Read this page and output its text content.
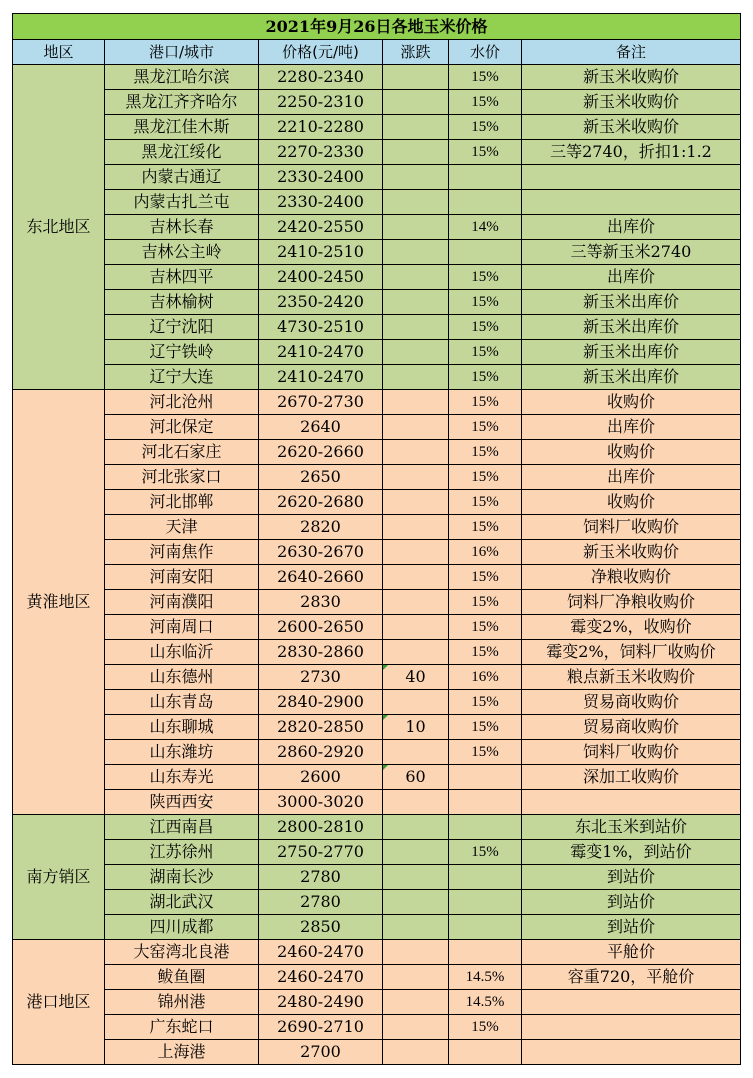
2021年9月26日各地玉米价格					
地区	港口/城市	价格(元/吨)	涨跌	水价	备注
东北地区	黑龙江哈尔滨	2280-2340		15%	新玉米收购价
	黑龙江齐齐哈尔	2250-2310		15%	新玉米收购价
	黑龙江佳木斯	2210-2280		15%	新玉米收购价
	黑龙江绥化	2270-2330		15%	三等2740，折扣1:1.2
	内蒙古通辽	2330-2400			
	内蒙古扎兰屯	2330-2400			
	吉林长春	2420-2550		14%	出库价
	吉林公主岭	2410-2510			三等新玉米2740
	吉林四平	2400-2450		15%	出库价
	吉林榆树	2350-2420		15%	新玉米出库价
	辽宁沈阳	4730-2510		15%	新玉米出库价
	辽宁铁岭	2410-2470		15%	新玉米出库价
	辽宁大连	2410-2470		15%	新玉米出库价
黄淮地区	河北沧州	2670-2730		15%	收购价
	河北保定	2640		15%	出库价
	河北石家庄	2620-2660		15%	收购价
	河北张家口	2650		15%	出库价
	河北邯郸	2620-2680		15%	收购价
	天津	2820		15%	饲料厂收购价
	河南焦作	2630-2670		16%	新玉米收购价
	河南安阳	2640-2660		15%	净粮收购价
	河南濮阳	2830		15%	饲料厂净粮收购价
	河南周口	2600-2650		15%	霉变2%，收购价
	山东临沂	2830-2860		15%	霉变2%，饲料厂收购价
	山东德州	2730	40	16%	粮点新玉米收购价
	山东青岛	2840-2900		15%	贸易商收购价
	山东聊城	2820-2850	10	15%	贸易商收购价
	山东潍坊	2860-2920		15%	饲料厂收购价
	山东寿光	2600	60		深加工收购价
	陕西西安	3000-3020			
南方销区	江西南昌	2800-2810			东北玉米到站价
	江苏徐州	2750-2770		15%	霉变1%，到站价
	湖南长沙	2780			到站价
	湖北武汉	2780			到站价
	四川成都	2850			到站价
港口地区	大窑湾北良港	2460-2470			平舱价
	鲅鱼圈	2460-2470		14.5%	容重720，平舱价
	锦州港	2480-2490		14.5%	
	广东蛇口	2690-2710		15%	
	上海港	2700			
